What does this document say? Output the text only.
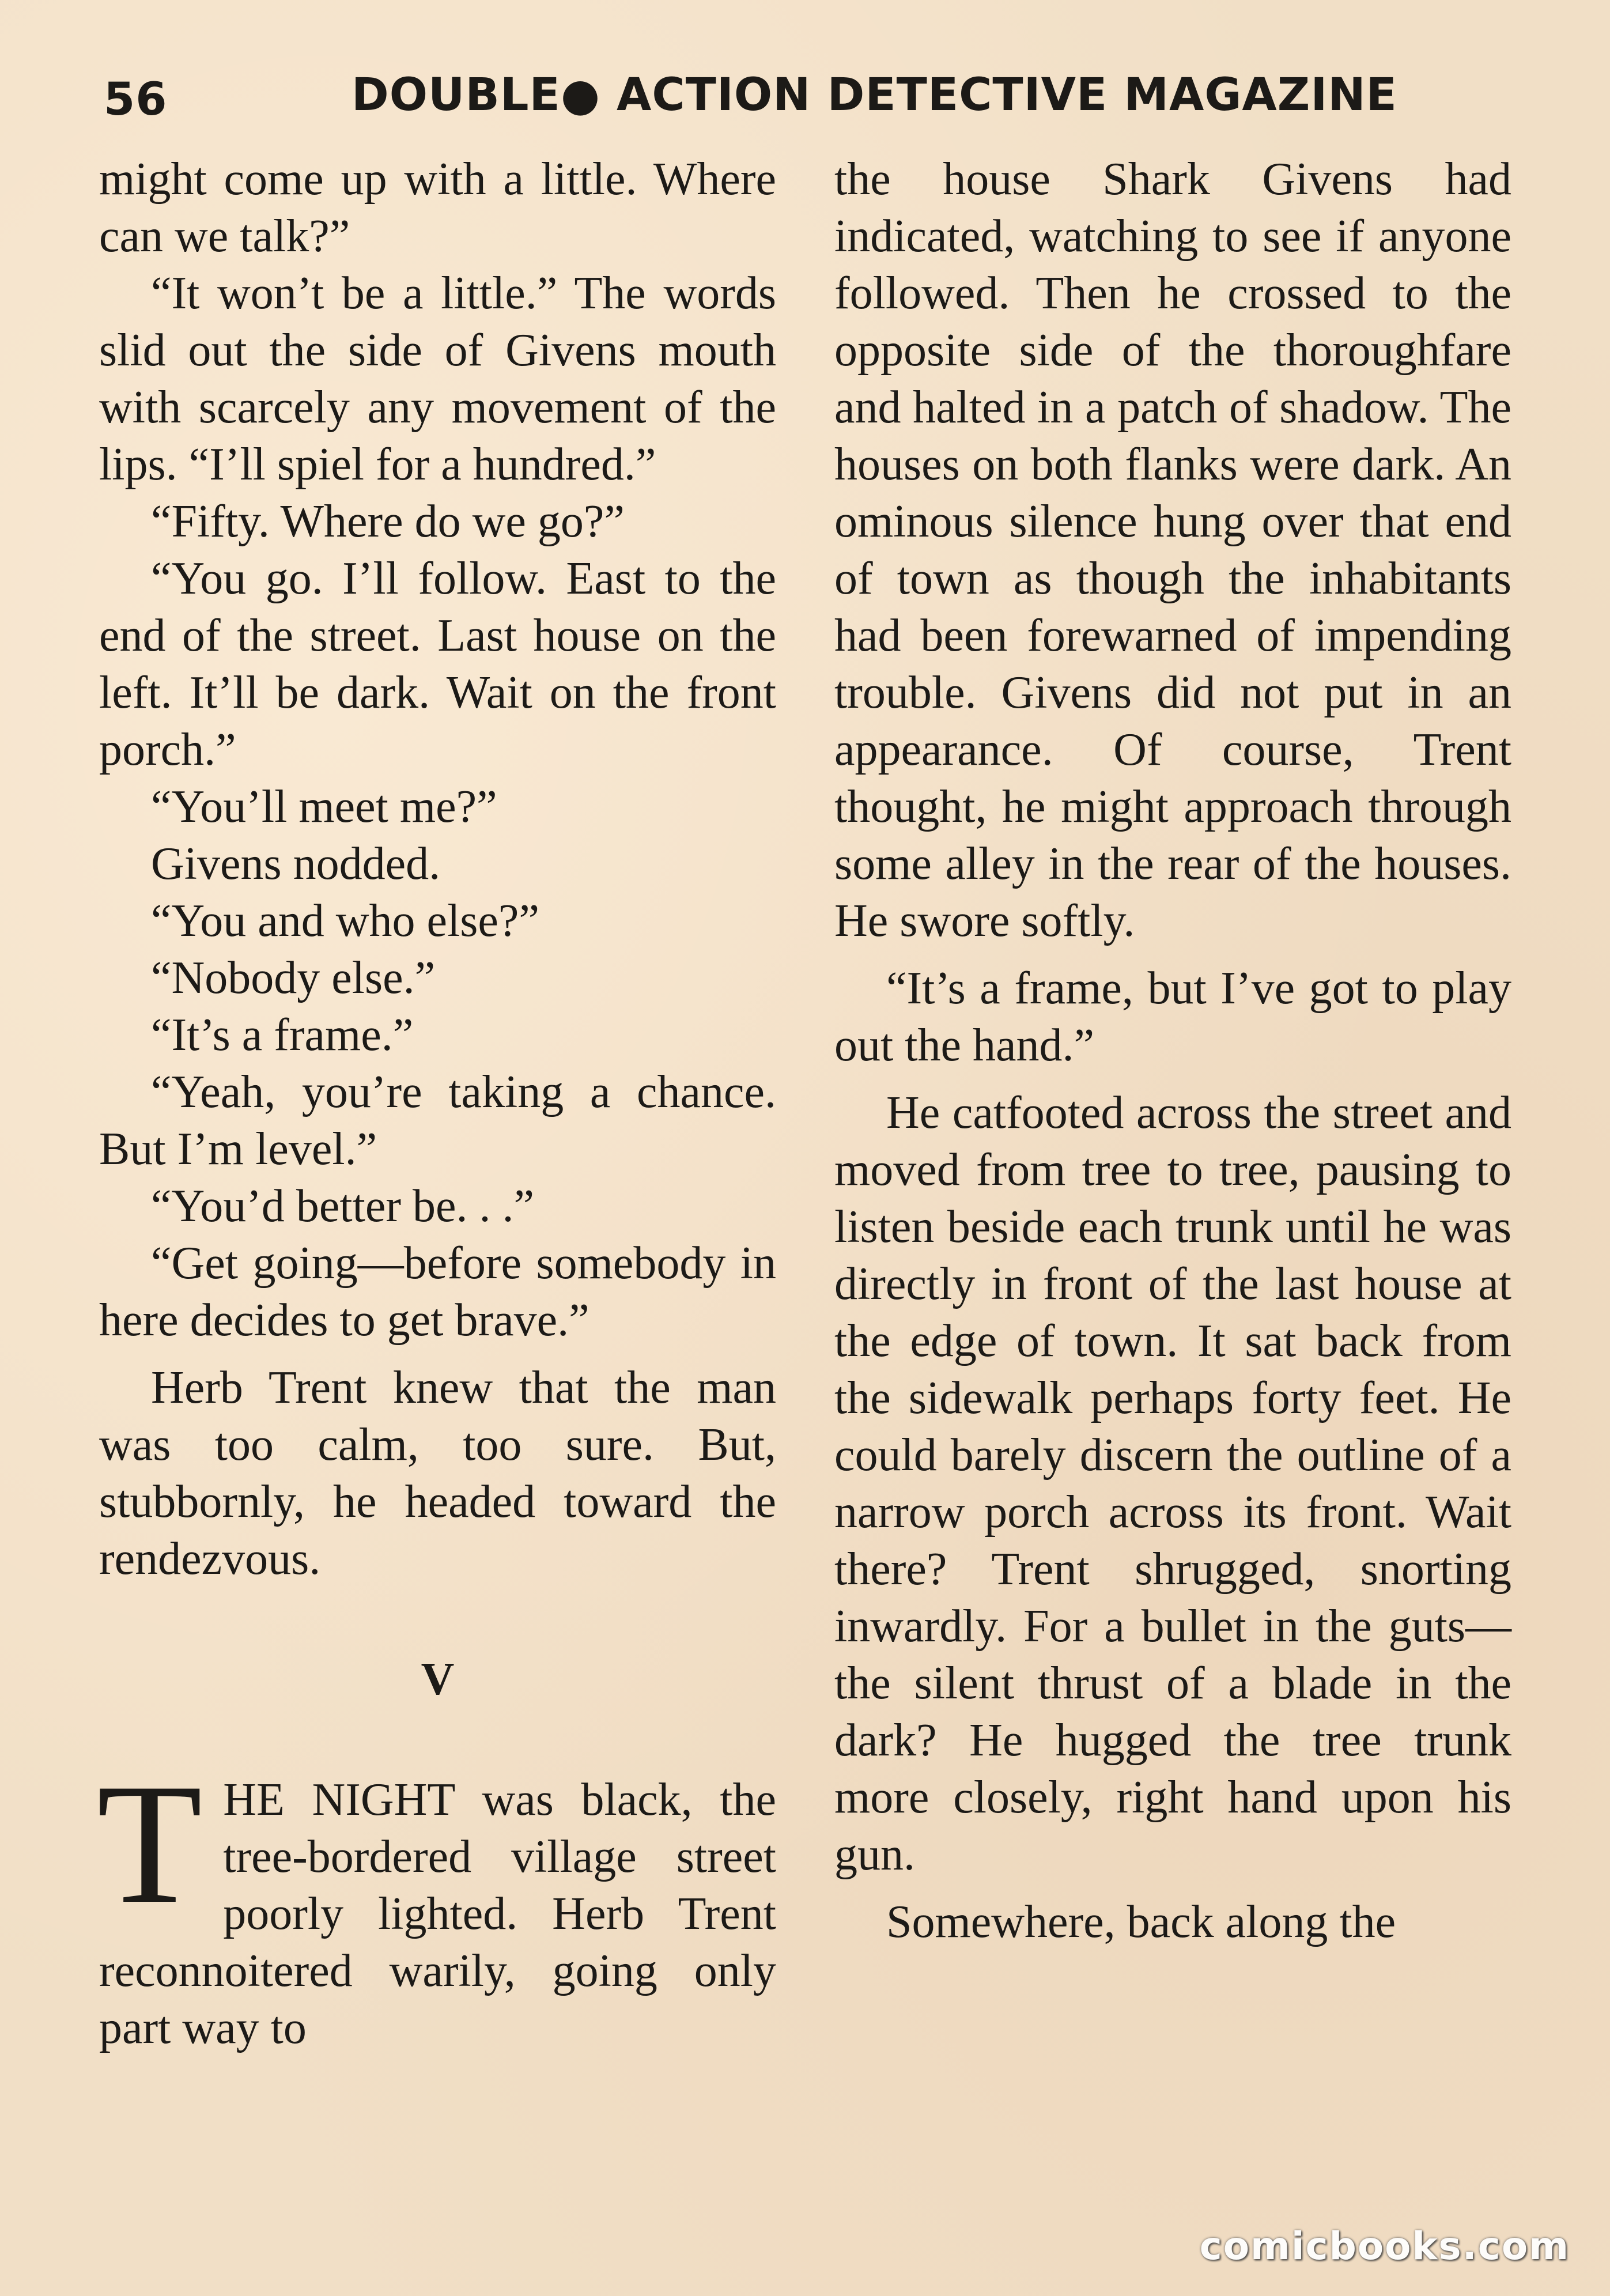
56	DOUBLE● ACTION DETECTIVE MAGAZINE

might come up with a little. Where can we talk?”

“It won’t be a little.” The words slid out the side of Givens mouth with scarcely any movement of the lips. “I’ll spiel for a hundred.”

“Fifty. Where do we go?”

“You go. I’ll follow. East to the end of the street. Last house on the left. It’ll be dark. Wait on the front porch.”

“You’ll meet me?”

Givens nodded.

“You and who else?”

“Nobody else.”

“It’s a frame.”

“Yeah, you’re taking a chance. But I’m level.”

“You’d better be. . .”

“Get going—before somebody in here decides to get brave.”

Herb Trent knew that the man was too calm, too sure. But, stubbornly, he headed toward the rendezvous.

V

T HE NIGHT was black, the tree-bordered village street poorly lighted. Herb Trent reconnoitered warily, going only part way to

the house Shark Givens had indicated, watching to see if anyone followed. Then he crossed to the opposite side of the thoroughfare and halted in a patch of shadow. The houses on both flanks were dark. An ominous silence hung over that end of town as though the inhabitants had been forewarned of impending trouble. Givens did not put in an appearance. Of course, Trent thought, he might approach through some alley in the rear of the houses. He swore softly.

“It’s a frame, but I’ve got to play out the hand.”

He catfooted across the street and moved from tree to tree, pausing to listen beside each trunk until he was directly in front of the last house at the edge of town. It sat back from the sidewalk perhaps forty feet. He could barely discern the outline of a narrow porch across its front. Wait there? Trent shrugged, snorting inwardly. For a bullet in the guts—the silent thrust of a blade in the dark? He hugged the tree trunk more closely, right hand upon his gun.

Somewhere, back along the

comicbooks.com
